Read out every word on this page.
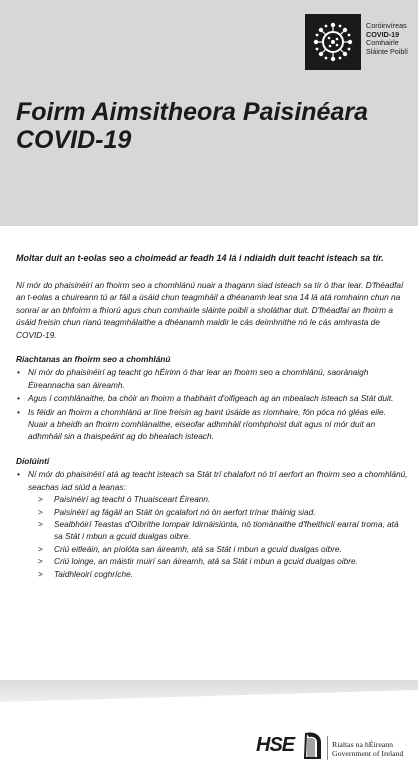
Coróinvíreas
COVID-19
Comhairle
Sláinte Poiblí
Foirm Aimsitheora Paisinéara
COVID-19

Moltar duit an t-eolas seo a choimeád ar feadh 14 lá i ndiaidh duit teacht isteach sa tír.

Ní mór do phaisinéirí an fhoirm seo a chomhlánú nuair a thagann siad isteach sa tír ó thar lear. D'fhéadfaí an t-eolas a chuireann tú ar fáil a úsáid chun teagmháil a dhéanamh leat sna 14 lá atá romhainn chun na sonraí ar an bhfoirm a fhíorú agus chun comhairle sláinte poiblí a sholáthar duit. D'fhéadfaí an fhoirm a úsáid freisin chun rianú teagmhálaithe a dhéanamh maidir le cás deimhnithe nó le cás amhrasta de COVID-19.

Riachtanas an fhoirm seo a chomhlánú
• Ní mór do phaisinéirí ag teacht go hÉirinn ó thar lear an fhoirm seo a chomhlánú, saoránaigh Éireannacha san áireamh.
• Agus í comhlánaithe, ba chóir an fhoirm a thabhairt d'oifigeach ag an mbealach isteach sa Stát duit.
• Is féidir an fhoirm a chomhlánú ar líne freisin ag baint úsáide as ríomhaire, fón póca nó gléas eile. Nuair a bheidh an fhoirm comhlánaithe, eiseofar adhmháil ríomhphoist duit agus ní mór duit an adhmháil sin a thaispeáint ag do bhealach isteach.
Díolúintí
• Ní mór do phaisinéirí atá ag teacht isteach sa Stát trí chalafort nó trí aerfort an fhoirm seo a chomhlánú, seachas iad siúd a leanas:
> Paisinéirí ag teacht ó Thuaisceart Éireann.
> Paisinéirí ag fágáil an Stáit ón gcalafort nó ón aerfort trínar tháinig siad.
> Sealbhóirí Teastas d'Oibrithe Iompair Idirnáisiúnta, nó tiománaithe d'fheithiclí earraí troma, atá sa Stát i mbun a gcuid dualgas oibre.
> Criú eitleáin, an píolóta san áireamh, atá sa Stát i mbun a gcuid dualgas oibre.
> Criú loinge, an máistir muirí san áireamh, atá sa Stát i mbun a gcuid dualgas oibre.
> Taidhleoirí coghríche.
HSE	Rialtas na hÉireann
Government of Ireland
